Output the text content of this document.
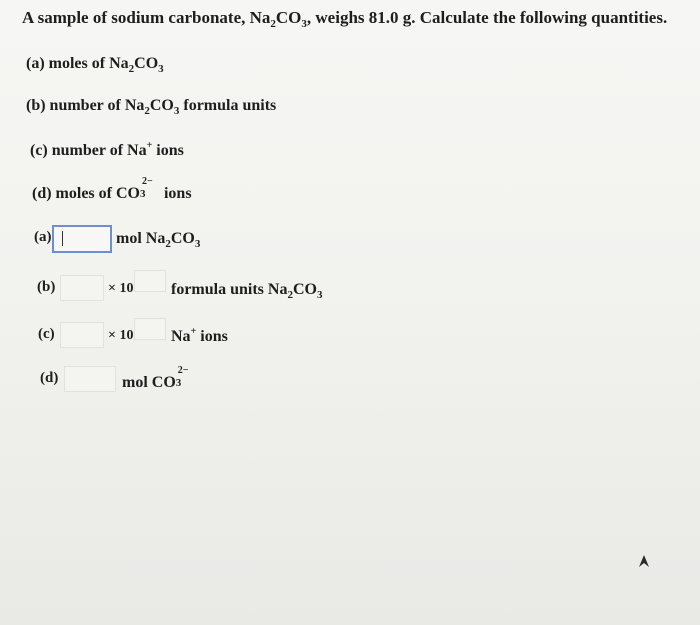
A sample of sodium carbonate, $Na_2CO_3$, weighs 81.0 g. Calculate the following quantities.
(a) moles of $Na_2CO_3$
(b) number of $Na_2CO_3$ formula units
(c) number of Na+ ions
(d) moles of CO 3
2−
ions
(a)	mol $Na_2CO_3$
(b)	× 10 formula units $Na_2CO_3$
(c)	× 10 Na+ ions
(d)	mol CO 3
2−
